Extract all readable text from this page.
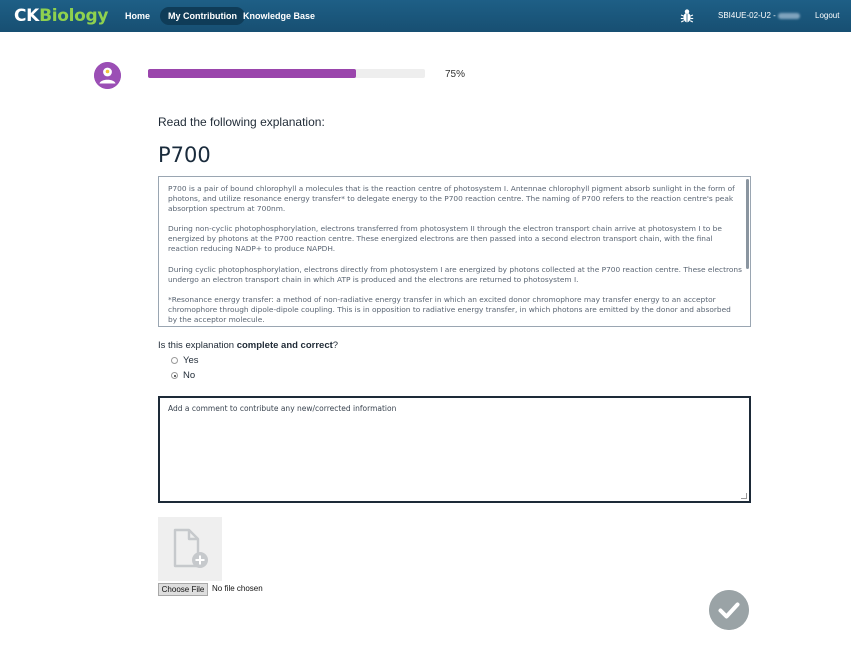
CKBiology	Home	My Contribution Knowledge Base	SBI4UE-02-U2 -	Logout
75%
Read the following explanation:
P700

P700 is a pair of bound chlorophyll a molecules that is the reaction centre of photosystem I. Antennae chlorophyll pigment absorb sunlight in the form of photons, and utilize resonance energy transfer* to delegate energy to the P700 reaction centre. The naming of P700 refers to the reaction centre's peak absorption spectrum at 700nm.

During non-cyclic photophosphorylation, electrons transferred from photosystem II through the electron transport chain arrive at photosystem I to be energized by photons at the P700 reaction centre. These energized electrons are then passed into a second electron transport chain, with the final reaction reducing NADP+ to produce NAPDH.

During cyclic photophosphorylation, electrons directly from photosystem I are energized by photons collected at the P700 reaction centre. These electrons undergo an electron transport chain in which ATP is produced and the electrons are returned to photosystem I.

*Resonance energy transfer: a method of non-radiative energy transfer in which an excited donor chromophore may transfer energy to an acceptor chromophore through dipole-dipole coupling. This is in opposition to radiative energy transfer, in which photons are emitted by the donor and absorbed by the acceptor molecule.

Is this explanation complete and correct?
Yes
No
Add a comment to contribute any new/corrected information
Choose File No file chosen
